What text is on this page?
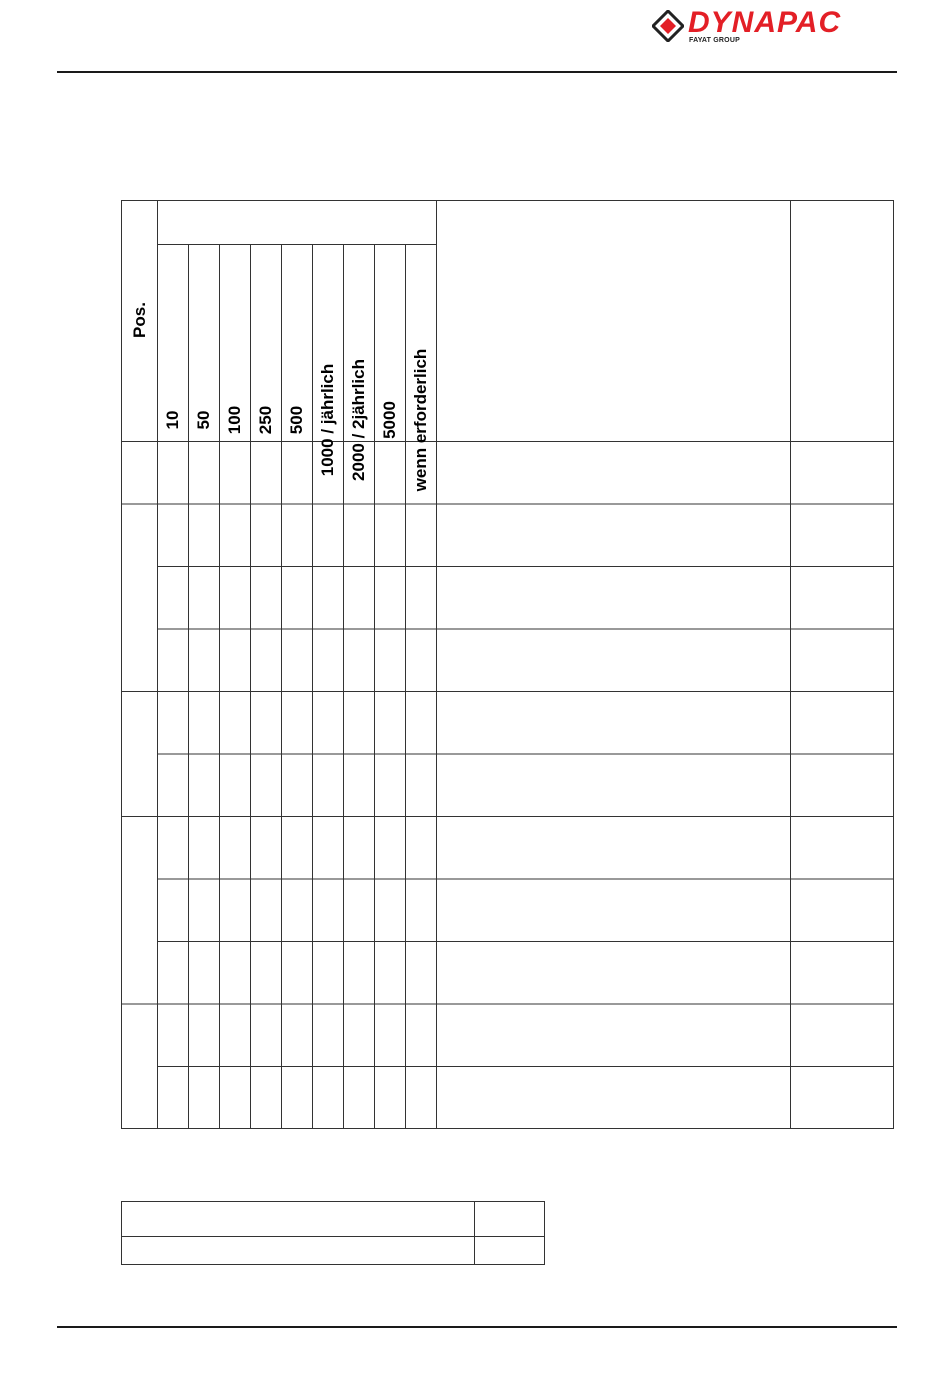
DYNAPAC
FAYAT GROUP
Pos.
10 50 100 250 500 1000 / jährlich 2000 / 2jährlich 5000 wenn erforderlich
